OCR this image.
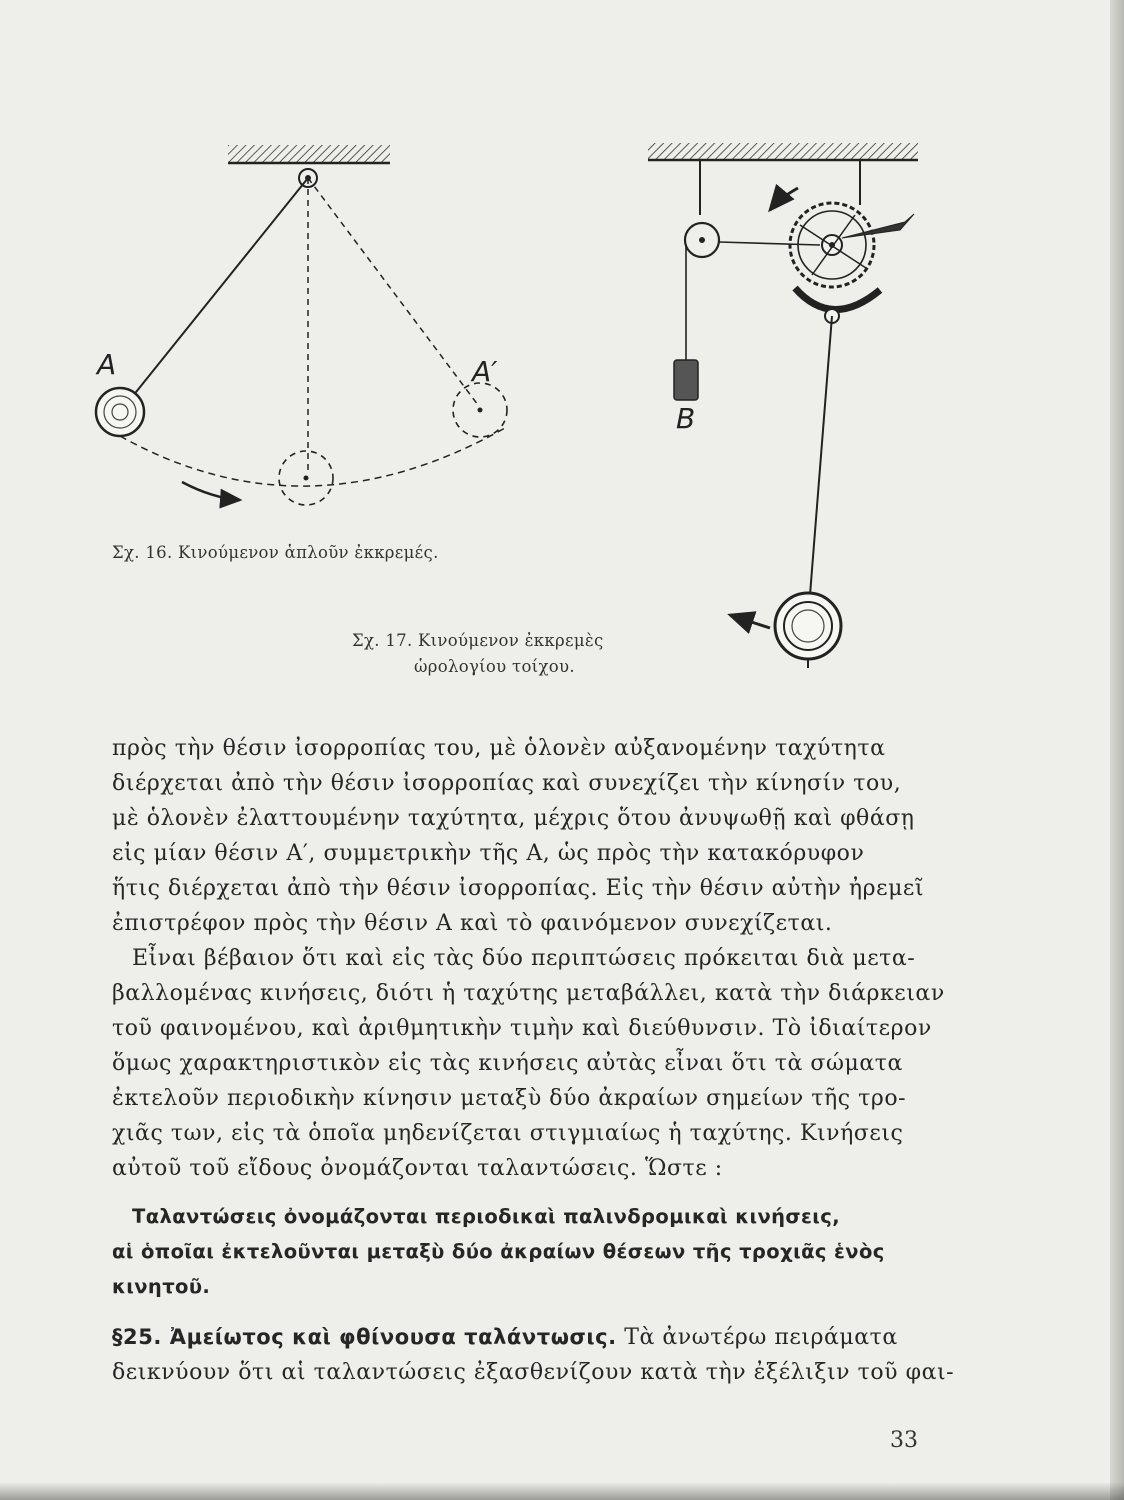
A	A′
B
Σχ. 16. Κινούμενον ἁπλοῦν ἐκκρεμές.
Σχ. 17. Κινούμενον ἐκκρεμὲς
ὡρολογίου τοίχου.
πρὸς τὴν θέσιν ἰσορροπίας του, μὲ ὁλονὲν αὐξανομένην ταχύτητα
διέρχεται ἀπὸ τὴν θέσιν ἰσορροπίας καὶ συνεχίζει τὴν κίνησίν του,
μὲ ὁλονὲν ἐλαττουμένην ταχύτητα, μέχρις ὅτου ἀνυψωθῇ καὶ φθάσῃ
εἰς μίαν θέσιν Α′, συμμετρικὴν τῆς Α, ὡς πρὸς τὴν κατακόρυφον
ἥτις διέρχεται ἀπὸ τὴν θέσιν ἰσορροπίας. Εἰς τὴν θέσιν αὐτὴν ἠρεμεῖ
ἐπιστρέφον πρὸς τὴν θέσιν Α καὶ τὸ φαινόμενον συνεχίζεται.
Εἶναι βέβαιον ὅτι καὶ εἰς τὰς δύο περιπτώσεις πρόκειται διὰ μετα-
βαλλομένας κινήσεις, διότι ἡ ταχύτης μεταβάλλει, κατὰ τὴν διάρκειαν
τοῦ φαινομένου, καὶ ἀριθμητικὴν τιμὴν καὶ διεύθυνσιν. Τὸ ἰδιαίτερον
ὅμως χαρακτηριστικὸν εἰς τὰς κινήσεις αὐτὰς εἶναι ὅτι τὰ σώματα
ἐκτελοῦν περιοδικὴν κίνησιν μεταξὺ δύο ἀκραίων σημείων τῆς τρο-
χιᾶς των, εἰς τὰ ὁποῖα μηδενίζεται στιγμιαίως ἡ ταχύτης. Κινήσεις
αὐτοῦ τοῦ εἴδους ὀνομάζονται ταλαντώσεις. Ὥστε :
Ταλαντώσεις ὀνομάζονται περιοδικαὶ παλινδρομικαὶ κινήσεις,
αἱ ὁποῖαι ἐκτελοῦνται μεταξὺ δύο ἀκραίων θέσεων τῆς τροχιᾶς ἑνὸς
κινητοῦ.
§25. Ἀμείωτος καὶ φθίνουσα ταλάντωσις. Τὰ ἀνωτέρω πειράματα
δεικνύουν ὅτι αἱ ταλαντώσεις ἐξασθενίζουν κατὰ τὴν ἐξέλιξιν τοῦ φαι-
33
